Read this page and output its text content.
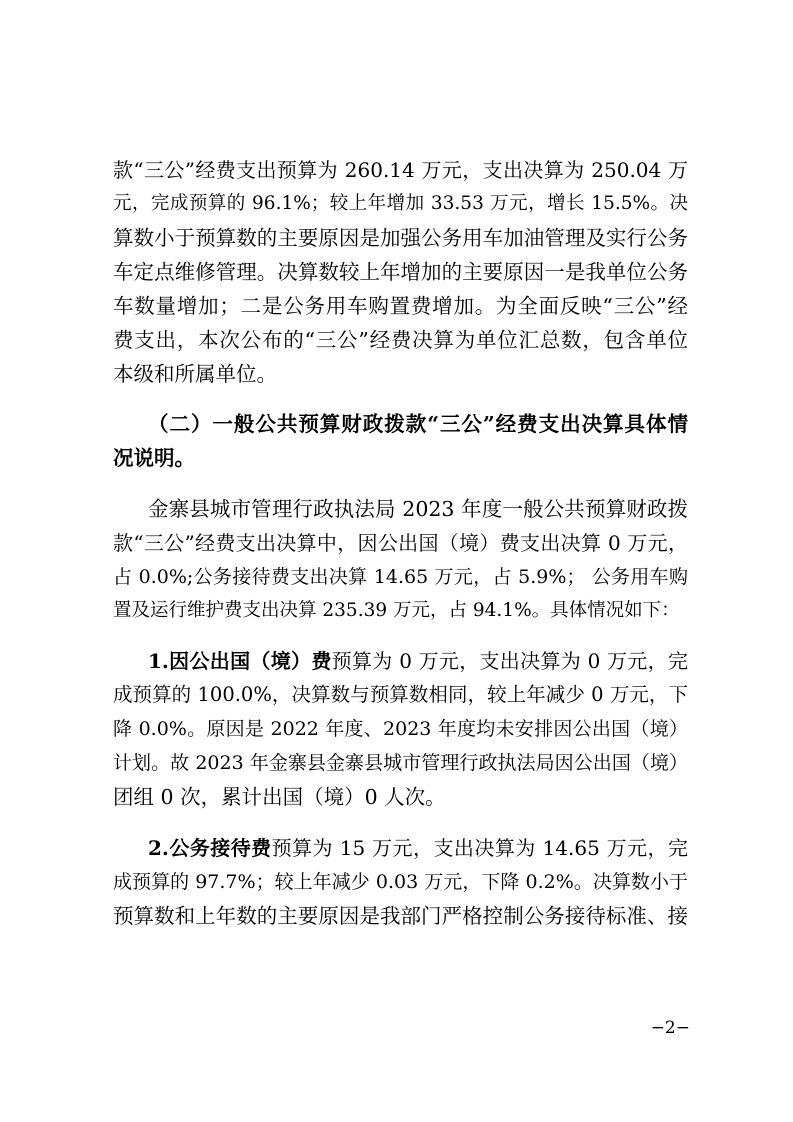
款“三公”经费支出预算为 260.14 万元，支出决算为 250.04 万
元，完成预算的 96.1%；较上年增加 33.53 万元，增长 15.5%。决
算数小于预算数的主要原因是加强公务用车加油管理及实行公务
车定点维修管理。决算数较上年增加的主要原因一是我单位公务
车数量增加；二是公务用车购置费增加。为全面反映“三公”经
费支出，本次公布的“三公”经费决算为单位汇总数，包含单位
本级和所属单位。
（二）一般公共预算财政拨款“三公”经费支出决算具体情
况说明。
金寨县城市管理行政执法局 2023 年度一般公共预算财政拨
款“三公”经费支出决算中，因公出国（境）费支出决算 0 万元，
占 0.0%;公务接待费支出决算 14.65 万元，占 5.9%； 公务用车购
置及运行维护费支出决算 235.39 万元，占 94.1%。具体情况如下：
1.因公出国（境）费预算为 0 万元，支出决算为 0 万元，完
成预算的 100.0%，决算数与预算数相同，较上年减少 0 万元，下
降 0.0%。原因是 2022 年度、2023 年度均未安排因公出国（境）
计划。故 2023 年金寨县金寨县城市管理行政执法局因公出国（境）
团组 0 次，累计出国（境）0 人次。
2.公务接待费预算为 15 万元，支出决算为 14.65 万元，完
成预算的 97.7%；较上年减少 0.03 万元，下降 0.2%。决算数小于
预算数和上年数的主要原因是我部门严格控制公务接待标准、接
−2−
